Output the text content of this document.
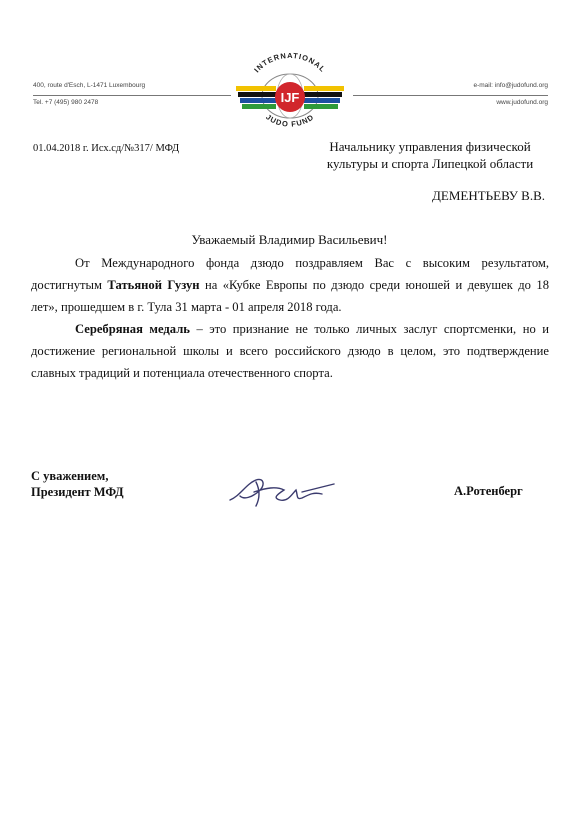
400, route d'Esch, L-1471 Luxembourg
Tel. +7 (495) 980 2478
e-mail: info@judofund.org
www.judofund.org
IJF
INTERNATIONAL
JUDO FUND
01.04.2018 г. Исх.сд/№317/ МФД	Начальнику управления физической
культуры и спорта Липецкой области
ДЕМЕНТЬЕВУ В.В.
Уважаемый Владимир Васильевич!

От Международного фонда дзюдо поздравляем Вас с высоким результатом, достигнутым Татьяной Гузун на «Кубке Европы по дзюдо среди юношей и девушек до 18 лет», прошедшем в г. Тула 31 марта - 01 апреля 2018 года.

Серебряная медаль – это признание не только личных заслуг спортсменки, но и достижение региональной школы и всего российского дзюдо в целом, это подтверждение славных традиций и потенциала отечественного спорта.

С уважением,
Президент МФД	А.Ротенберг
